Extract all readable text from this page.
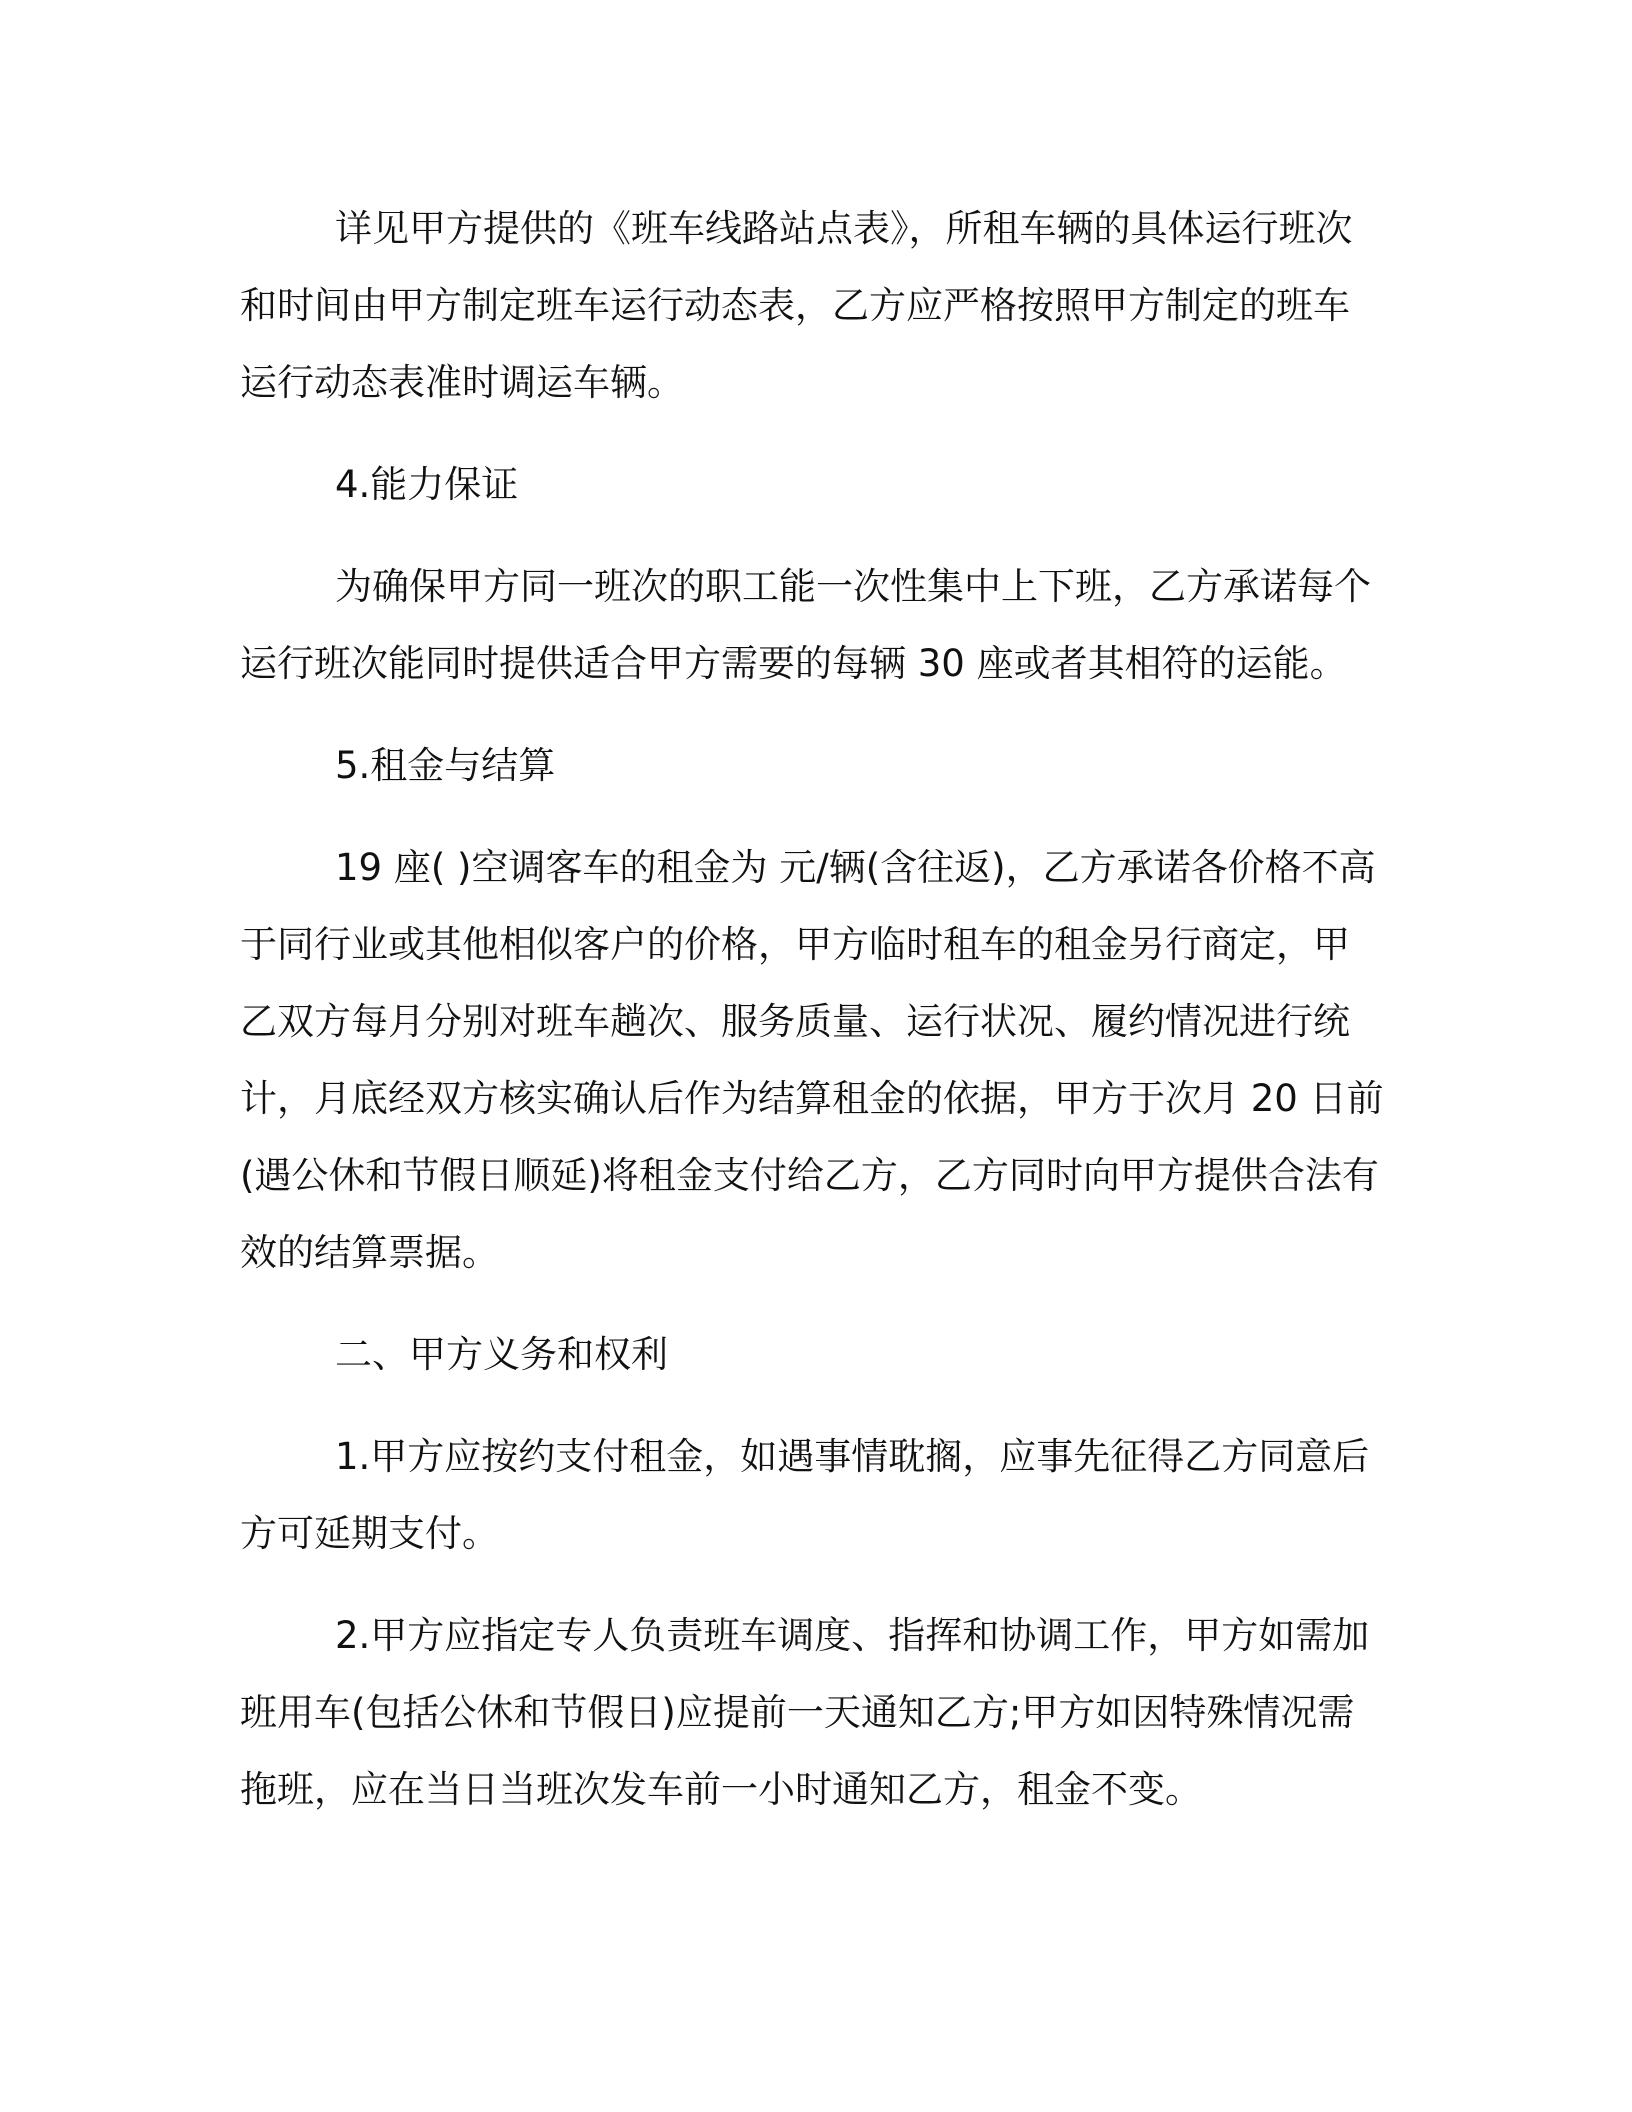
详见甲方提供的《班车线路站点表》，所租车辆的具体运行班次
和时间由甲方制定班车运行动态表，乙方应严格按照甲方制定的班车
运行动态表准时调运车辆。
4.能力保证
为确保甲方同一班次的职工能一次性集中上下班，乙方承诺每个
运行班次能同时提供适合甲方需要的每辆 30 座或者其相符的运能。
5.租金与结算
19 座( )空调客车的租金为 元/辆(含往返)，乙方承诺各价格不高
于同行业或其他相似客户的价格，甲方临时租车的租金另行商定，甲
乙双方每月分别对班车趟次、服务质量、运行状况、履约情况进行统
计，月底经双方核实确认后作为结算租金的依据，甲方于次月 20 日前
(遇公休和节假日顺延)将租金支付给乙方，乙方同时向甲方提供合法有
效的结算票据。
二、甲方义务和权利
1.甲方应按约支付租金，如遇事情耽搁，应事先征得乙方同意后
方可延期支付。
2.甲方应指定专人负责班车调度、指挥和协调工作，甲方如需加
班用车(包括公休和节假日)应提前一天通知乙方;甲方如因特殊情况需
拖班，应在当日当班次发车前一小时通知乙方，租金不变。
